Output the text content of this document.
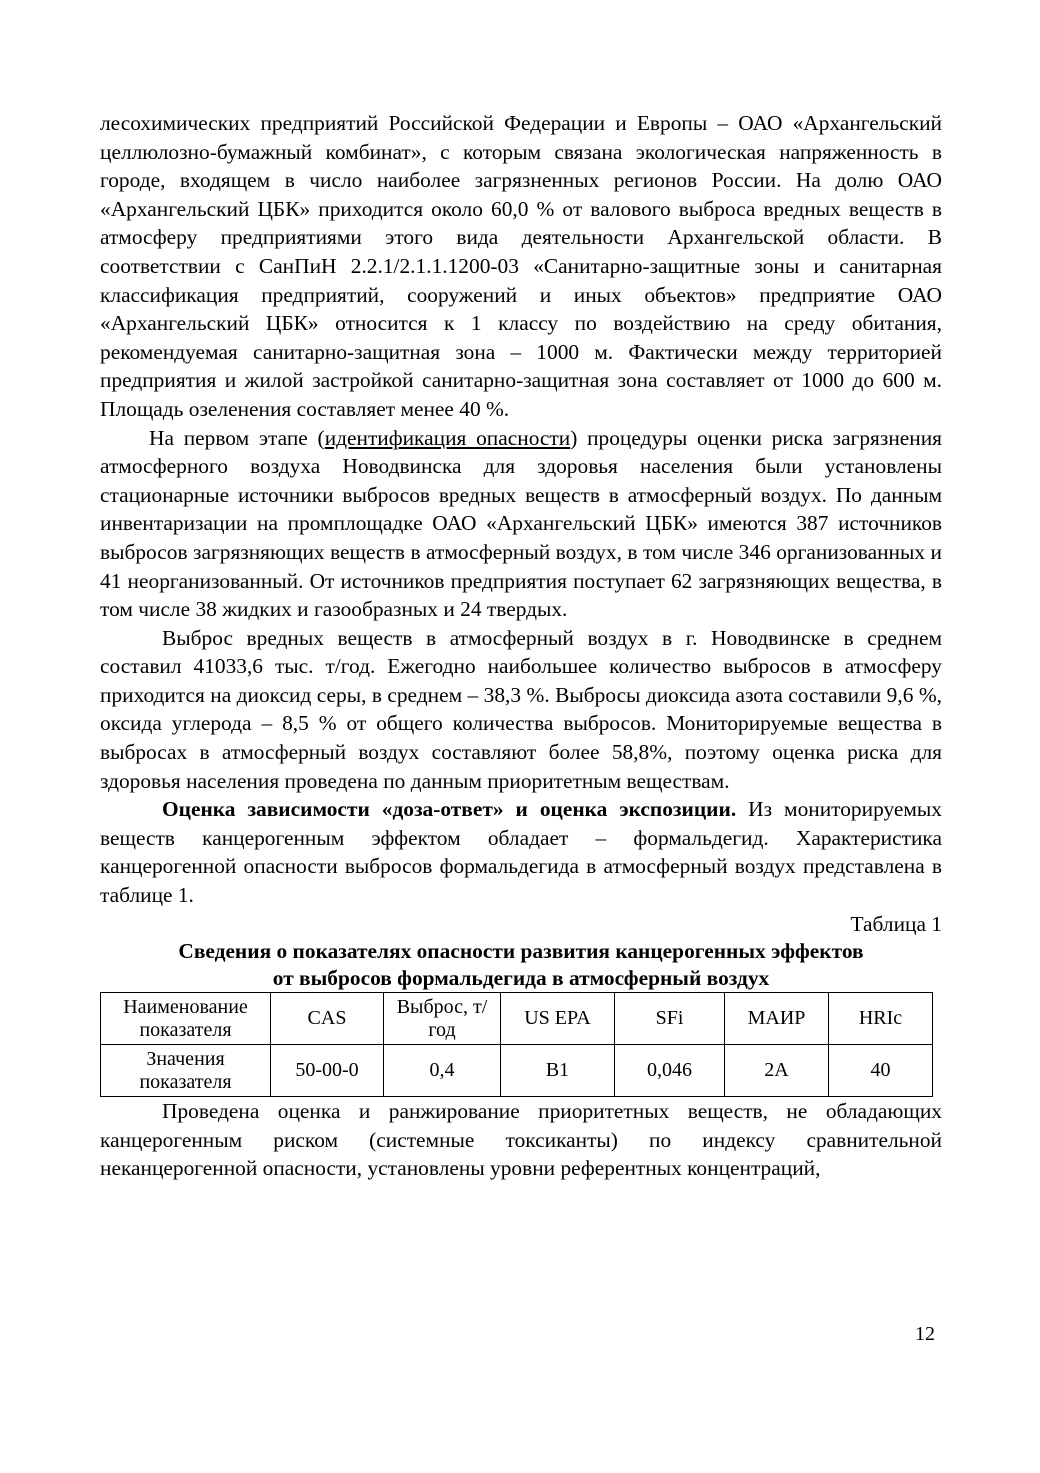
лесохимических предприятий Российской Федерации и Европы – ОАО «Архангельский целлюлозно-бумажный комбинат», с которым связана экологическая напряженность в городе, входящем в число наиболее загрязненных регионов России. На долю ОАО «Архангельский ЦБК» приходится около 60,0 % от валового выброса вредных веществ в атмосферу предприятиями этого вида деятельности Архангельской области. В соответствии с СанПиН 2.2.1/2.1.1.1200-03 «Санитарно-защитные зоны и санитарная классификация предприятий, сооружений и иных объектов» предприятие ОАО «Архангельский ЦБК» относится к 1 классу по воздействию на среду обитания, рекомендуемая санитарно-защитная зона – 1000 м. Фактически между территорией предприятия и жилой застройкой санитарно-защитная зона составляет от 1000 до 600 м. Площадь озеленения составляет менее 40 %.

На первом этапе (идентификация опасности) процедуры оценки риска загрязнения атмосферного воздуха Новодвинска для здоровья населения были установлены стационарные источники выбросов вредных веществ в атмосферный воздух. По данным инвентаризации на промплощадке ОАО «Архангельский ЦБК» имеются 387 источников выбросов загрязняющих веществ в атмосферный воздух, в том числе 346 организованных и 41 неорганизованный. От источников предприятия поступает 62 загрязняющих вещества, в том числе 38 жидких и газообразных и 24 твердых.

Выброс вредных веществ в атмосферный воздух в г. Новодвинске в среднем составил 41033,6 тыс. т/год. Ежегодно наибольшее количество выбросов в атмосферу приходится на диоксид серы, в среднем – 38,3 %. Выбросы диоксида азота составили 9,6 %, оксида углерода – 8,5 % от общего количества выбросов. Мониторируемые вещества в выбросах в атмосферный воздух составляют более 58,8%, поэтому оценка риска для здоровья населения проведена по данным приоритетным веществам.

Оценка зависимости «доза-ответ» и оценка экспозиции. Из мониторируемых веществ канцерогенным эффектом обладает – формальдегид. Характеристика канцерогенной опасности выбросов формальдегида в атмосферный воздух представлена в таблице 1.

Таблица 1

Сведения о показателях опасности развития канцерогенных эффектов
от выбросов формальдегида в атмосферный воздух

Наименование показателя	CAS	Выброс, т/год	US EPA	SFi	МАИР	HRIc
Значения показателя	50-00-0	0,4	B1	0,046	2A	40

Проведена оценка и ранжирование приоритетных веществ, не обладающих канцерогенным риском (системные токсиканты) по индексу сравнительной неканцерогенной опасности, установлены уровни референтных концентраций,

12
